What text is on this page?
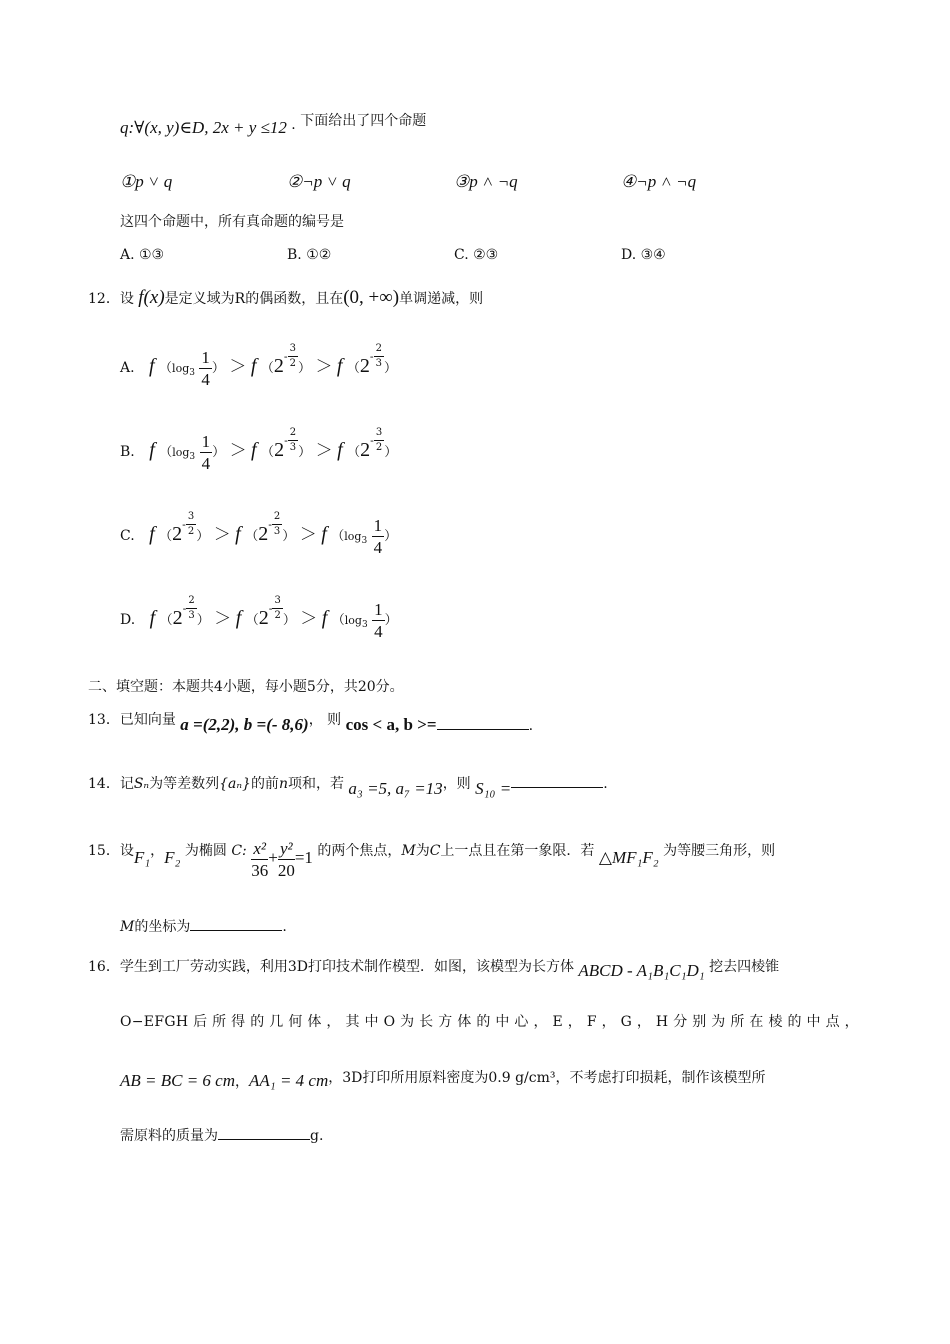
q:∀(x, y)∈D, 2x + y ≤12 · 下面给出了四个命题
①p ˅ q	②¬p ˅ q	③p ˄ ¬q	④¬p ˄ ¬q
这四个命题中，所有真命题的编号是
A. ①③	B. ①②	C. ②③	D. ③④
12．设 f(x)是定义域为R的偶函数，且在(0, +∞)单调递减，则
A. f （$\log_3 \frac{1}{4}$ ） ＞ f （$2^- \frac{3}{2}$ ） ＞ f （$2^- \frac{2}{3}$ ）
B. f （$\log_3 \frac{1}{4}$ ） ＞ f （$2^- \frac{2}{3}$ ） ＞ f （$2^- \frac{3}{2}$ ）
C. f （$2^- \frac{3}{2}$ ） ＞ f （$2^- \frac{2}{3}$ ） ＞ f （$\log_3 \frac{1}{4}$ ）
D. f （$2^- \frac{2}{3}$ ） ＞ f （$2^- \frac{3}{2}$ ） ＞ f （$\log_3 \frac{1}{4}$ ）
二、填空题：本题共4小题，每小题5分，共20分。
13．已知向量 a =(2,2), b =(- 8,6)， 则 cos < a, b >=	.
14．记Sₙ为等差数列{aₙ}的前n项和，若 a₃ =5, a₇ =13，则 S₁₀ =	.
15．设F₁，F₂ 为椭圆 C: $\frac{\text{x²}}{36} + \frac{\text{y²}}{20} =1$ 的两个焦点，M为C上一点且在第一象限．若 △MF₁F₂ 为等腰三角形，则
M的坐标为	.
16．学生到工厂劳动实践，利用3D打印技术制作模型．如图，该模型为长方体 ABCD - A₁B₁C₁D₁ 挖去四棱锥
O−EFGH 后 所 得 的 几 何 体 ， 其 中 O 为 长 方 体 的 中 心 ， E ， F ， G ， H 分 别 为 所 在 棱 的 中 点 ，
AB = BC = 6 cm，AA₁ = 4 cm，3D打印所用原料密度为0.9 g/cm³，不考虑打印损耗，制作该模型所
需原料的质量为	g.
